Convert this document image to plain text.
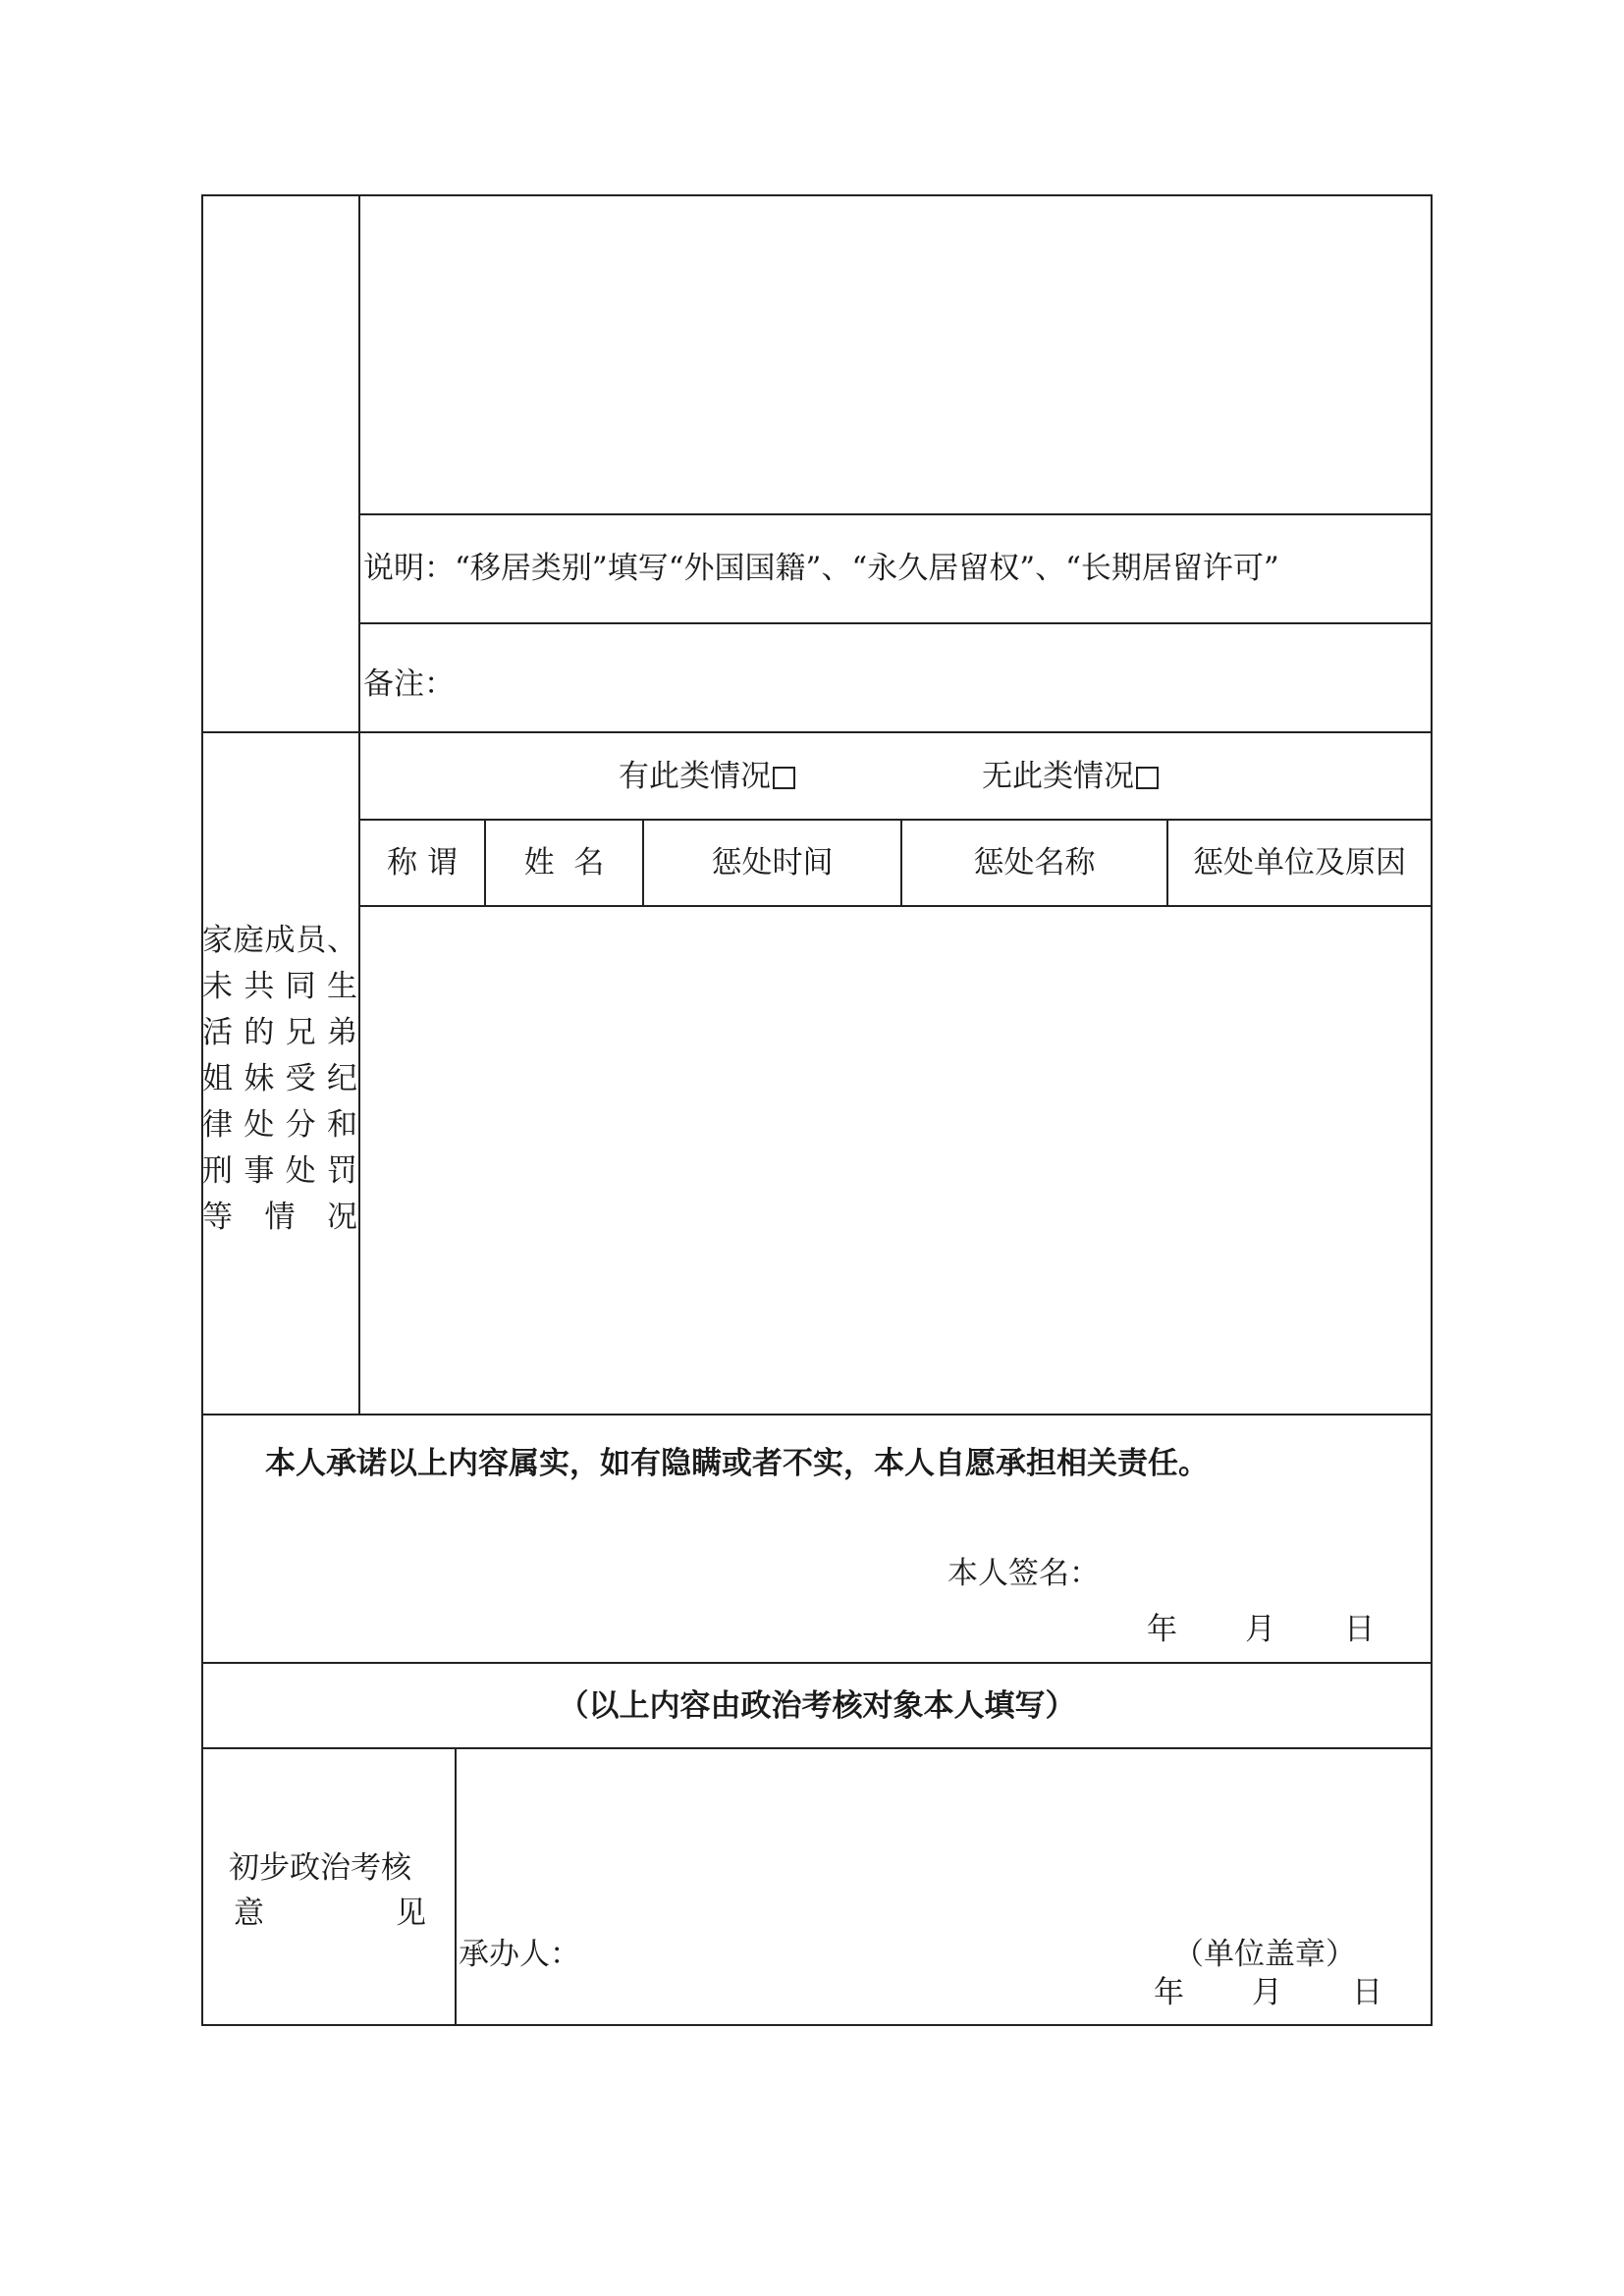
说明：“移居类别”填写“外国国籍”、“永久居留权”、“长期居留许可”
备注：
家庭成员、
未共同生
活的兄弟
姐妹受纪
律处分和
刑事处罚
等 情 况
有此类情况	无此类情况
称 谓	姓  名	惩处时间	惩处名称	惩处单位及原因
本人承诺以上内容属实，如有隐瞒或者不实，本人自愿承担相关责任。
本人签名：
年 月 日
（以上内容由政治考核对象本人填写）
初步政治考核
意	见
承办人：	（单位盖章）
年 月 日
